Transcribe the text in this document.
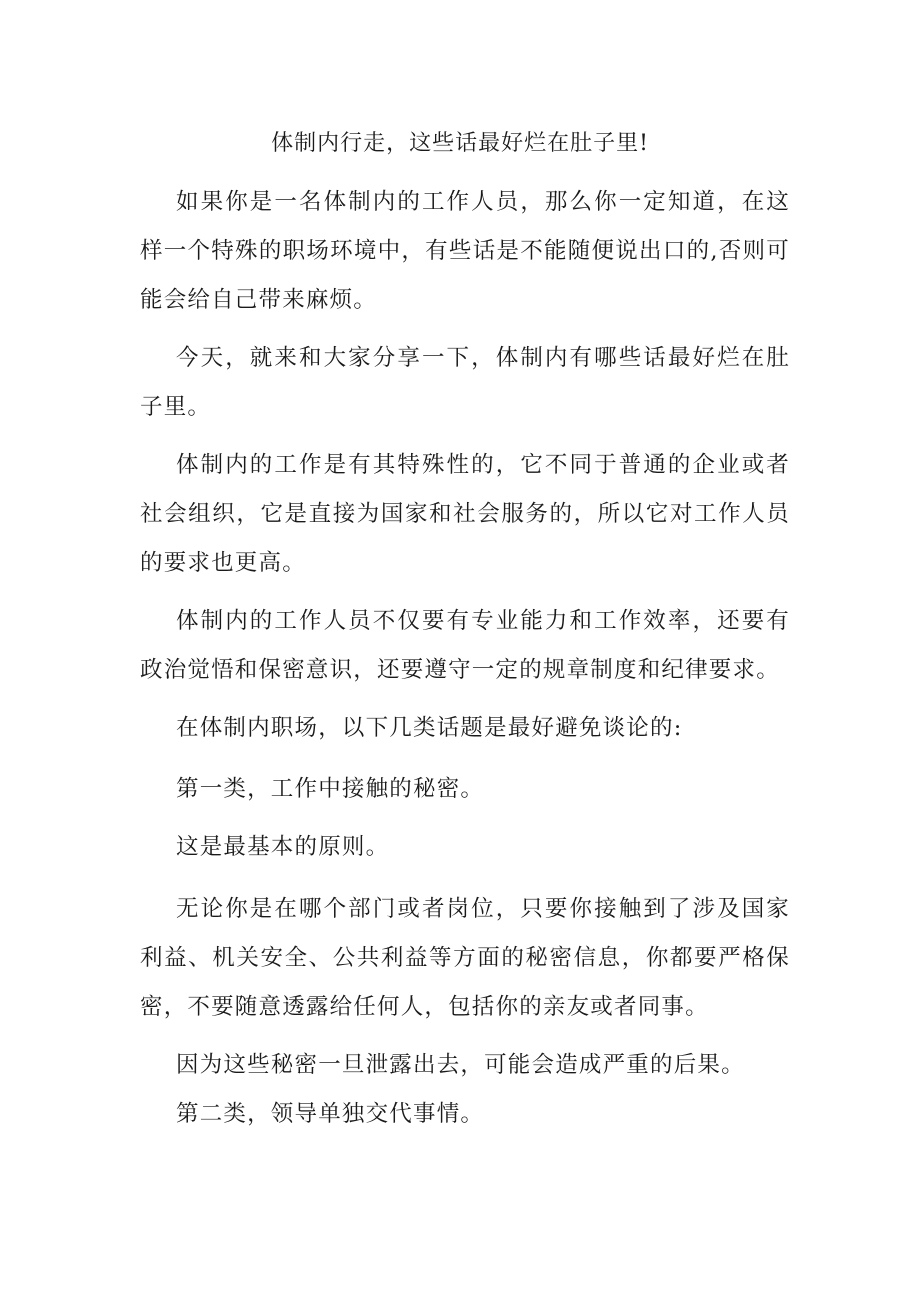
体制内行走，这些话最好烂在肚子里!

如果你是一名体制内的工作人员，那么你一定知道，在这样一个特殊的职场环境中，有些话是不能随便说出口的,否则可能会给自己带来麻烦。

今天，就来和大家分享一下，体制内有哪些话最好烂在肚子里。

体制内的工作是有其特殊性的，它不同于普通的企业或者社会组织，它是直接为国家和社会服务的，所以它对工作人员的要求也更高。

体制内的工作人员不仅要有专业能力和工作效率，还要有政治觉悟和保密意识，还要遵守一定的规章制度和纪律要求。

在体制内职场，以下几类话题是最好避免谈论的:

第一类，工作中接触的秘密。

这是最基本的原则。

无论你是在哪个部门或者岗位，只要你接触到了涉及国家利益、机关安全、公共利益等方面的秘密信息，你都要严格保密，不要随意透露给任何人，包括你的亲友或者同事。

因为这些秘密一旦泄露出去，可能会造成严重的后果。

第二类，领导单独交代事情。
